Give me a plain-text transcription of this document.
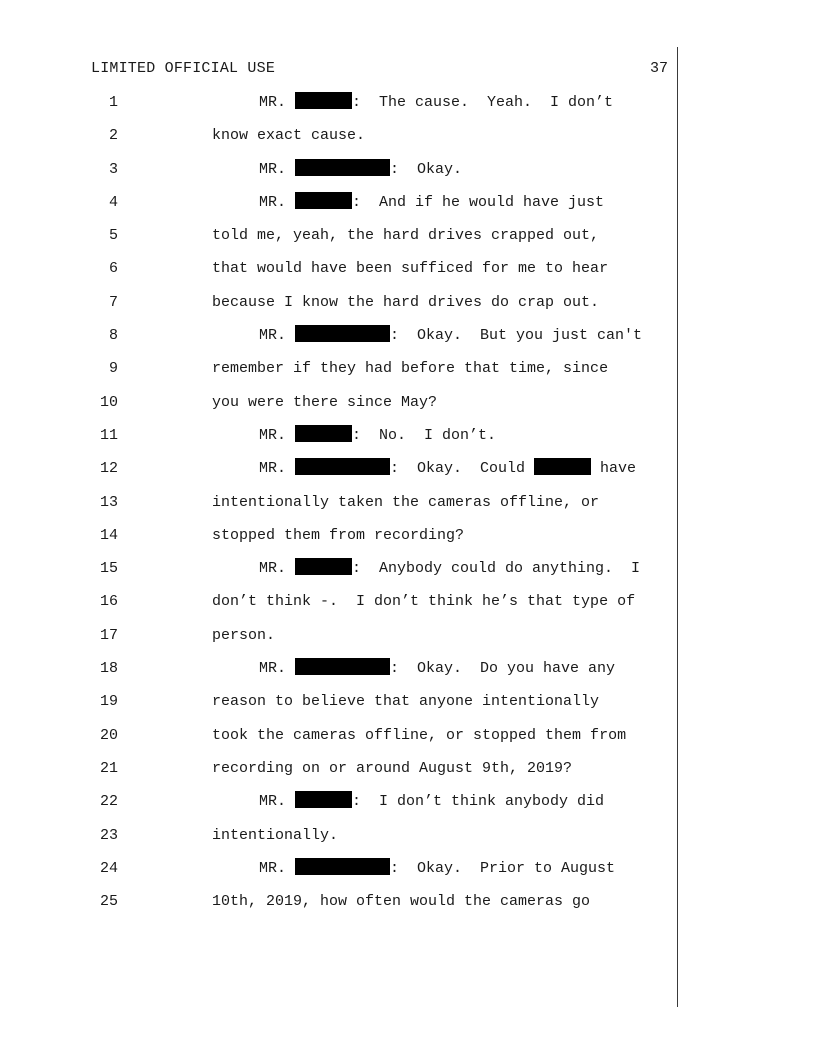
LIMITED OFFICIAL USE	37
1	MR.	:  The cause.  Yeah.  I don’t
2	know exact cause.
3	MR.	:  Okay.
4	MR.	:  And if he would have just
5	told me, yeah, the hard drives crapped out,
6	that would have been sufficed for me to hear
7	because I know the hard drives do crap out.
8	MR.	:  Okay.  But you just can't
9	remember if they had before that time, since
10	you were there since May?
11	MR.	:  No.  I don’t.
12	MR.	:  Okay.  Could	have
13	intentionally taken the cameras offline, or
14	stopped them from recording?
15	MR.	:  Anybody could do anything.  I
16	don’t think -.  I don’t think he’s that type of
17	person.
18	MR.	:  Okay.  Do you have any
19	reason to believe that anyone intentionally
20	took the cameras offline, or stopped them from
21	recording on or around August 9th, 2019?
22	MR.	:  I don’t think anybody did
23	intentionally.
24	MR.	:  Okay.  Prior to August
25	10th, 2019, how often would the cameras go
